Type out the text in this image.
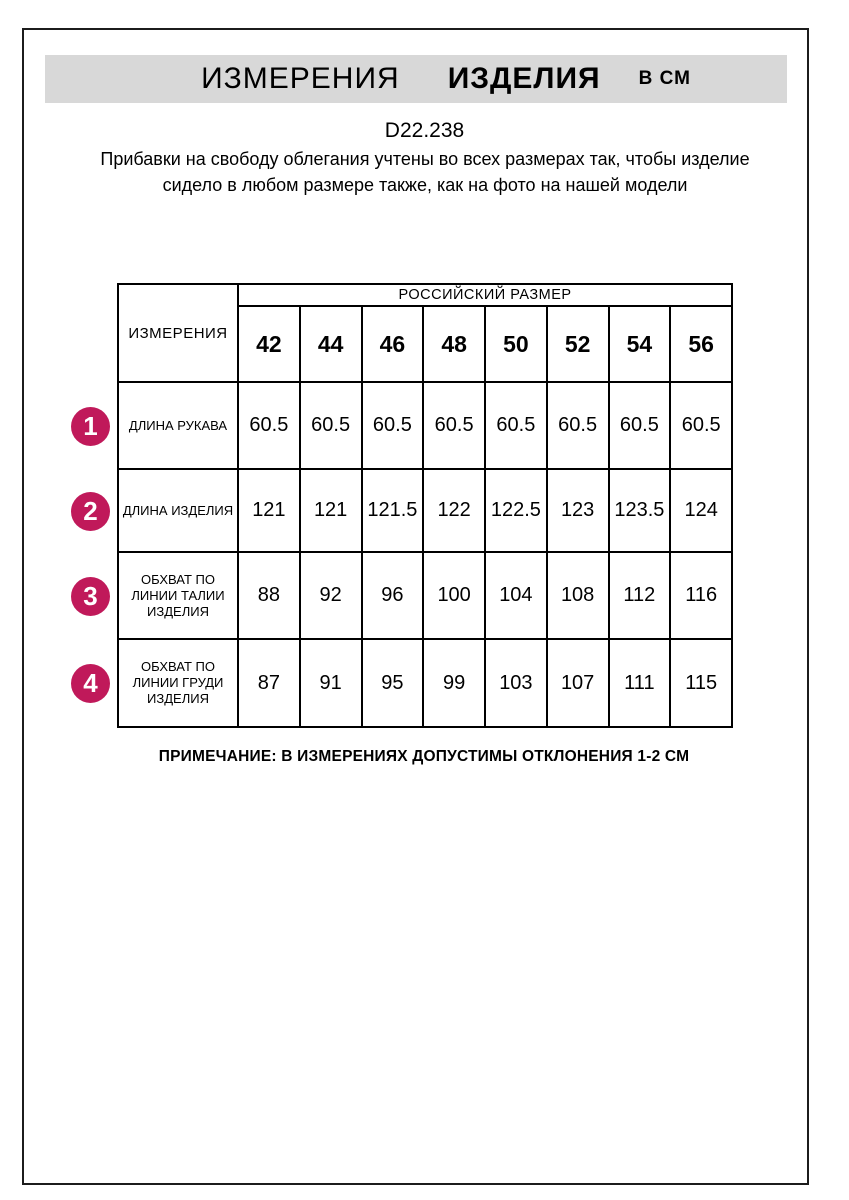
ИЗМЕРЕНИЯ ИЗДЕЛИЯ В СМ
D22.238
Прибавки на свободу облегания учтены во всех размерах так, чтобы изделие сидело в любом размере также, как на фото на нашей модели
ИЗМЕРЕНИЯ	РОССИЙСКИЙ РАЗМЕР							
	42	44	46	48	50	52	54	56
ДЛИНА РУКАВА	60.5	60.5	60.5	60.5	60.5	60.5	60.5	60.5
ДЛИНА ИЗДЕЛИЯ	121	121	121.5	122	122.5	123	123.5	124
ОБХВАТ ПО ЛИНИИ ТАЛИИ ИЗДЕЛИЯ	88	92	96	100	104	108	112	116
ОБХВАТ ПО ЛИНИИ ГРУДИ ИЗДЕЛИЯ	87	91	95	99	103	107	111	115
1
2
3
4
ПРИМЕЧАНИЕ: В ИЗМЕРЕНИЯХ ДОПУСТИМЫ ОТКЛОНЕНИЯ 1-2 СМ
